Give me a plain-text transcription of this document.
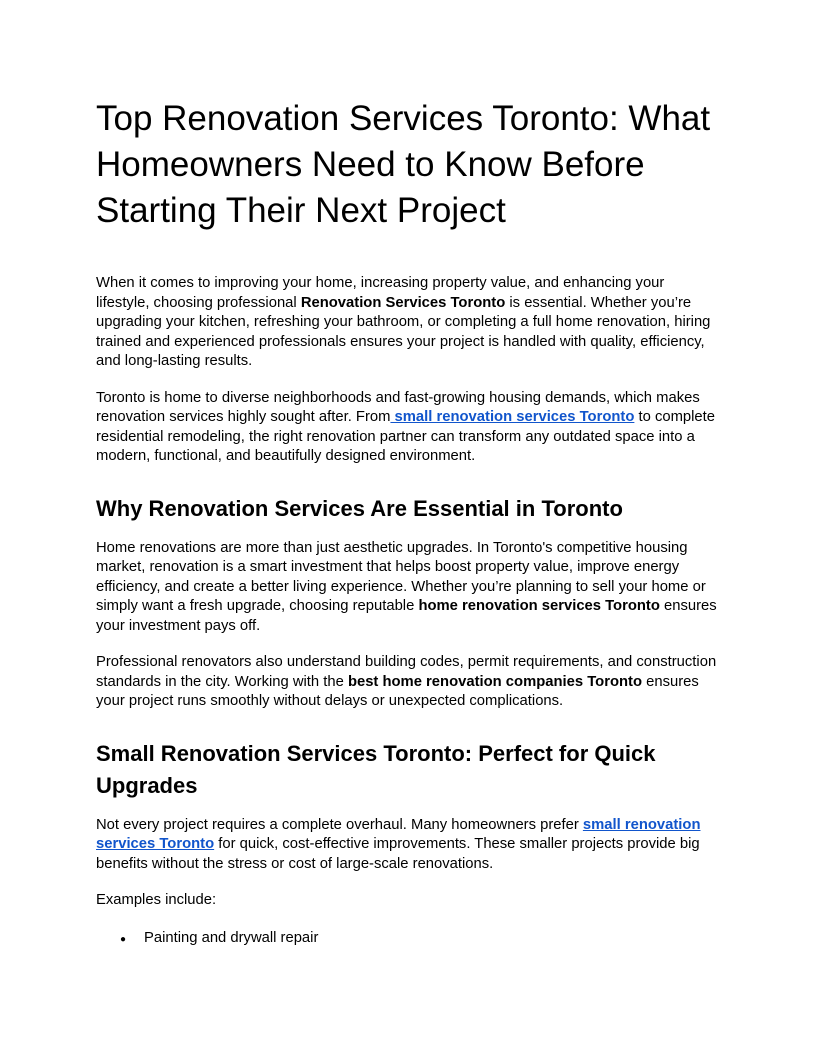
Top Renovation Services Toronto: What Homeowners Need to Know Before Starting Their Next Project

When it comes to improving your home, increasing property value, and enhancing your lifestyle, choosing professional Renovation Services Toronto is essential. Whether you’re upgrading your kitchen, refreshing your bathroom, or completing a full home renovation, hiring trained and experienced professionals ensures your project is handled with quality, efficiency, and long-lasting results.

Toronto is home to diverse neighborhoods and fast-growing housing demands, which makes renovation services highly sought after. From small renovation services Toronto to complete residential remodeling, the right renovation partner can transform any outdated space into a modern, functional, and beautifully designed environment.

Why Renovation Services Are Essential in Toronto

Home renovations are more than just aesthetic upgrades. In Toronto's competitive housing market, renovation is a smart investment that helps boost property value, improve energy efficiency, and create a better living experience. Whether you’re planning to sell your home or simply want a fresh upgrade, choosing reputable home renovation services Toronto ensures your investment pays off.

Professional renovators also understand building codes, permit requirements, and construction standards in the city. Working with the best home renovation companies Toronto ensures your project runs smoothly without delays or unexpected complications.

Small Renovation Services Toronto: Perfect for Quick Upgrades

Not every project requires a complete overhaul. Many homeowners prefer small renovation services Toronto for quick, cost-effective improvements. These smaller projects provide big benefits without the stress or cost of large-scale renovations.

Examples include:

●	Painting and drywall repair
